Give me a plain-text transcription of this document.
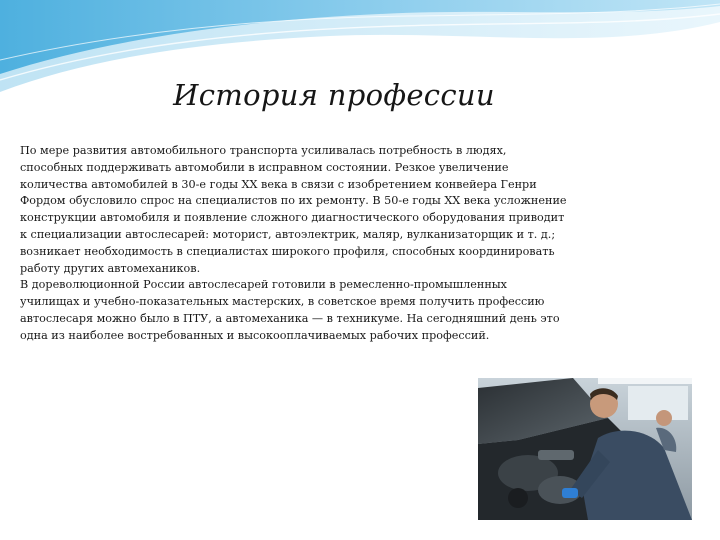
История профессии

По мере развития автомобильного транспорта усиливалась потребность в людях, способных поддерживать автомобили в исправном состоянии. Резкое увеличение количества автомобилей в 30-е годы XX века в связи с изобретением конвейера Генри Фордом обусловило спрос на специалистов по их ремонту. В 50-е годы XX века усложнение конструкции автомобиля и появление сложного диагностического оборудования приводит к специализации автослесарей: моторист, автоэлектрик, маляр, вулканизаторщик и т. д.; возникает необходимость в специалистах широкого профиля, способных координировать работу других автомехаников.

В дореволюционной России автослесарей готовили в ремесленно-промышленных училищах и учебно-показательных мастерских, в советское время получить профессию автослесаря можно было в ПТУ, а автомеханика — в техникуме. На сегодняшний день это одна из наиболее востребованных и высокооплачиваемых рабочих профессий.
